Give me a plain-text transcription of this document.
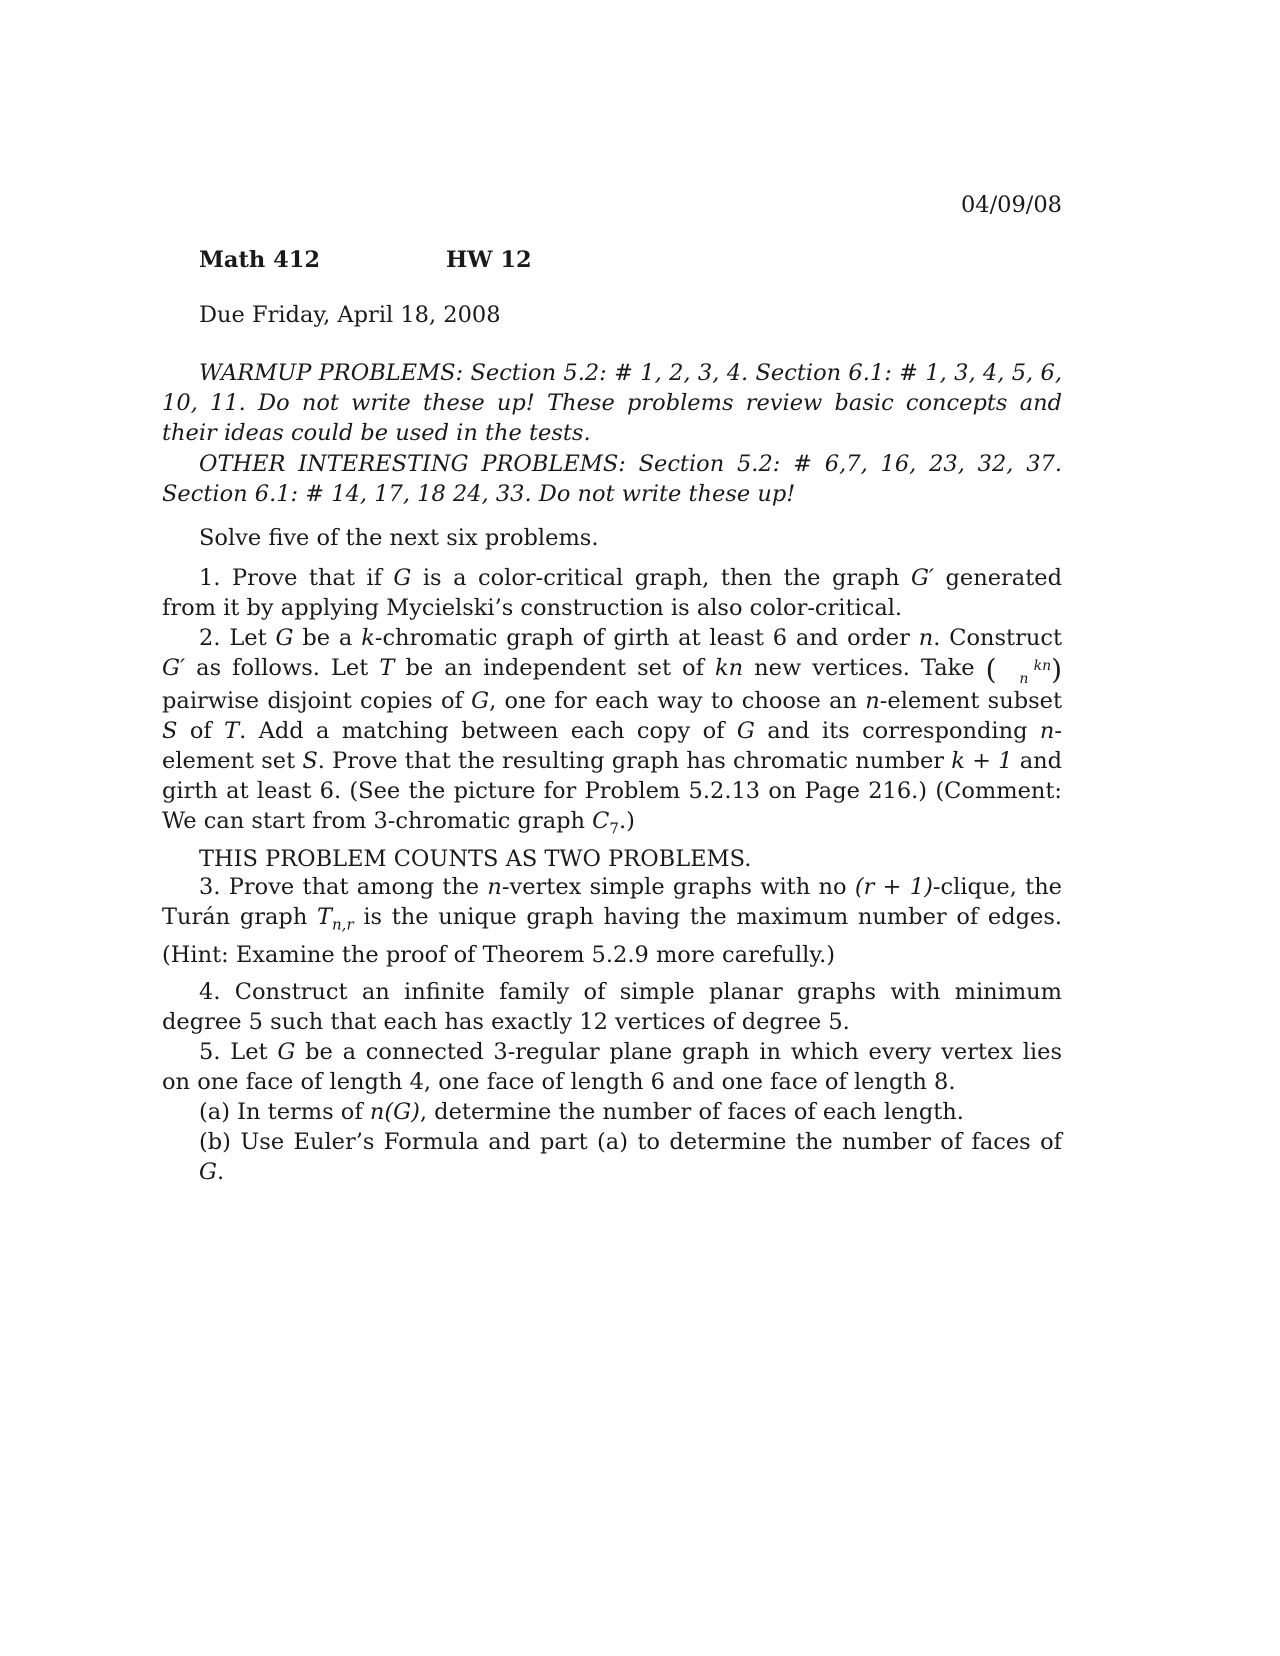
04/09/08
Math 412	HW 12
Due Friday, April 18, 2008

WARMUP PROBLEMS: Section 5.2: # 1, 2, 3, 4. Section 6.1: # 1, 3, 4, 5, 6, 10, 11. Do not write these up! These problems review basic concepts and their ideas could be used in the tests.

OTHER INTERESTING PROBLEMS: Section 5.2: # 6,7, 16, 23, 32, 37. Section 6.1: # 14, 17, 18 24, 33. Do not write these up!

Solve five of the next six problems.

1. Prove that if G is a color-critical graph, then the graph G′ generated from it by applying Mycielski’s construction is also color-critical.

2. Let G be a k-chromatic graph of girth at least 6 and order n. Construct G′ as follows. Let T be an independent set of kn new vertices. Take (	kn
n ) pairwise disjoint copies of G, one for each way to choose an n-element subset S of T. Add a matching between each copy of G and its corresponding n-element set S. Prove that the resulting graph has chromatic number k + 1 and girth at least 6. (See the picture for Problem 5.2.13 on Page 216.) (Comment: We can start from 3-chromatic graph $C_7$.)

THIS PROBLEM COUNTS AS TWO PROBLEMS.

3. Prove that among the n-vertex simple graphs with no (r + 1)-clique, the Turán graph $T_{n,r}$ is the unique graph having the maximum number of edges. (Hint: Examine the proof of Theorem 5.2.9 more carefully.)

4. Construct an infinite family of simple planar graphs with minimum degree 5 such that each has exactly 12 vertices of degree 5.

5. Let G be a connected 3-regular plane graph in which every vertex lies on one face of length 4, one face of length 6 and one face of length 8.

(a) In terms of n(G), determine the number of faces of each length.

(b) Use Euler’s Formula and part (a) to determine the number of faces of G.
